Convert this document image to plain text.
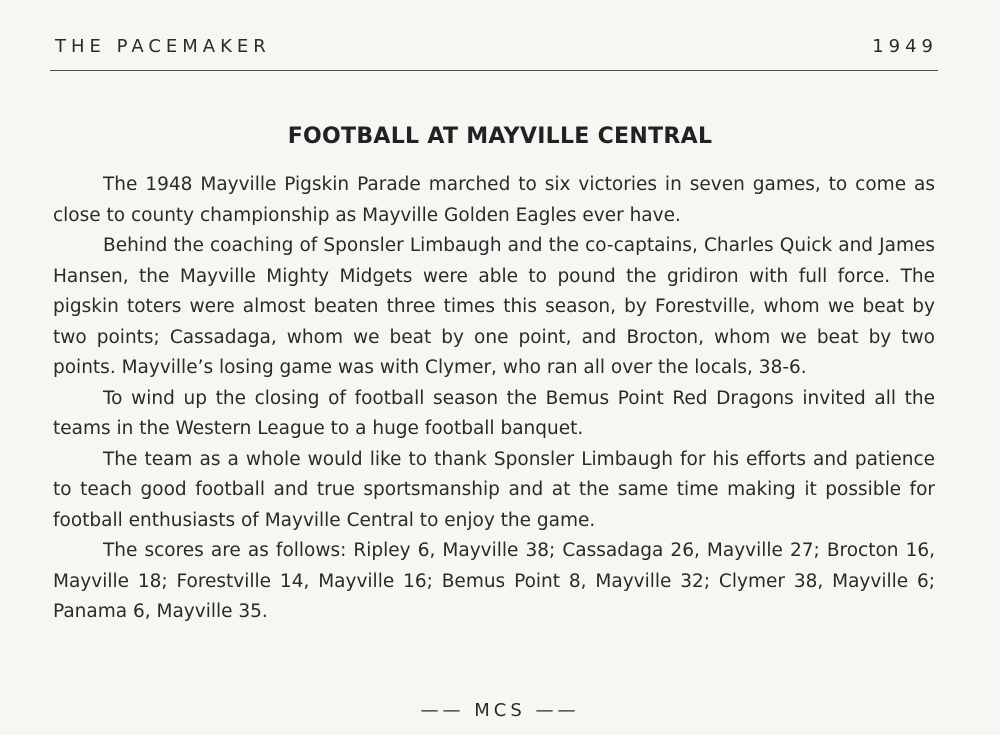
THE PACEMAKER	1949
FOOTBALL AT MAYVILLE CENTRAL

The 1948 Mayville Pigskin Parade marched to six victories in seven games, to come as close to county championship as Mayville Golden Eagles ever have.

Behind the coaching of Sponsler Limbaugh and the co-captains, Charles Quick and James Hansen, the Mayville Mighty Midgets were able to pound the gridiron with full force. The pigskin toters were almost beaten three times this season, by Forestville, whom we beat by two points; Cassadaga, whom we beat by one point, and Brocton, whom we beat by two points. Mayville’s losing game was with Clymer, who ran all over the locals, 38-6.

To wind up the closing of football season the Bemus Point Red Dragons invited all the teams in the Western League to a huge football banquet.

The team as a whole would like to thank Sponsler Limbaugh for his efforts and patience to teach good football and true sportsmanship and at the same time making it possible for football enthusiasts of Mayville Central to enjoy the game.

The scores are as follows: Ripley 6, Mayville 38; Cassadaga 26, Mayville 27; Brocton 16, Mayville 18; Forestville 14, Mayville 16; Bemus Point 8, Mayville 32; Clymer 38, Mayville 6; Panama 6, Mayville 35.

—— MCS ——
